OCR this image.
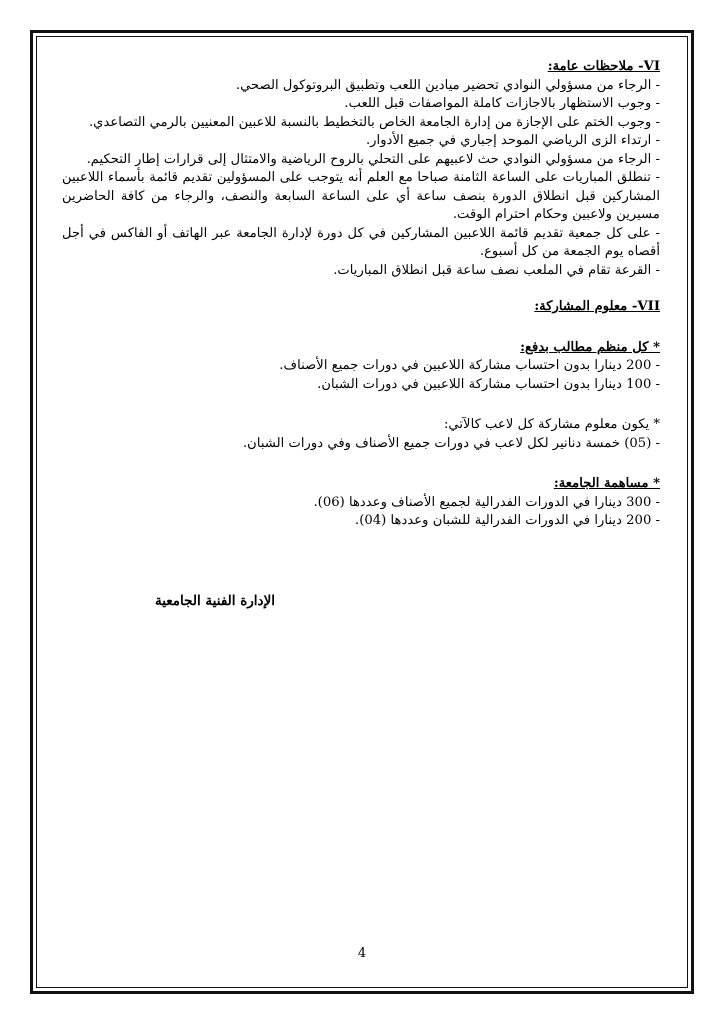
VI- ملاحظات عامة:

- الرجاء من مسؤولي النوادي تحضير ميادين اللعب وتطبيق البروتوكول الصحي.

- وجوب الاستظهار بالاجازات كاملة المواصفات قبل اللعب.

- وجوب الختم على الإجازة من إدارة الجامعة الخاص بالتخطيط بالنسبة للاعبين المعنيين بالرمي التصاعدي.

- ارتداء الزى الرياضي الموحد إجباري في جميع الأدوار.

- الرجاء من مسؤولي النوادي حث لاعبيهم على التحلي بالروح الرياضية والامتثال إلى قرارات إطار التحكيم.

- تنطلق المباريات على الساعة الثامنة صباحا مع العلم أنه يتوجب على المسؤولين تقديم قائمة بأسماء اللاعبين المشاركين قبل انطلاق الدورة بنصف ساعة أي على الساعة السابعة والنصف، والرجاء من كافة الحاضرين مسيرين ولاعبين وحكام احترام الوقت.

- على كل جمعية تقديم قائمة اللاعبين المشاركين في كل دورة لإدارة الجامعة عبر الهاتف أو الفاكس في أجل أقصاه يوم الجمعة من كل أسبوع.

- القرعة تقام في الملعب نصف ساعة قبل انطلاق المباريات.

VII- معلوم المشاركة:

* كل منظم مطالب بدفع:

- 200 دينارا بدون احتساب مشاركة اللاعبين في دورات جميع الأصناف.

- 100 دينارا بدون احتساب مشاركة اللاعبين في دورات الشبان.

* يكون معلوم مشاركة كل لاعب كالآتي:

- (05) خمسة دنانير لكل لاعب في دورات جميع الأصناف وفي دورات الشبان.

* مساهمة الجامعة:

- 300 دينارا في الدورات الفدرالية لجميع الأصناف وعددها (06).

- 200 دينارا في الدورات الفدرالية للشبان وعددها (04).

الإدارة الفنية الجامعية
4
